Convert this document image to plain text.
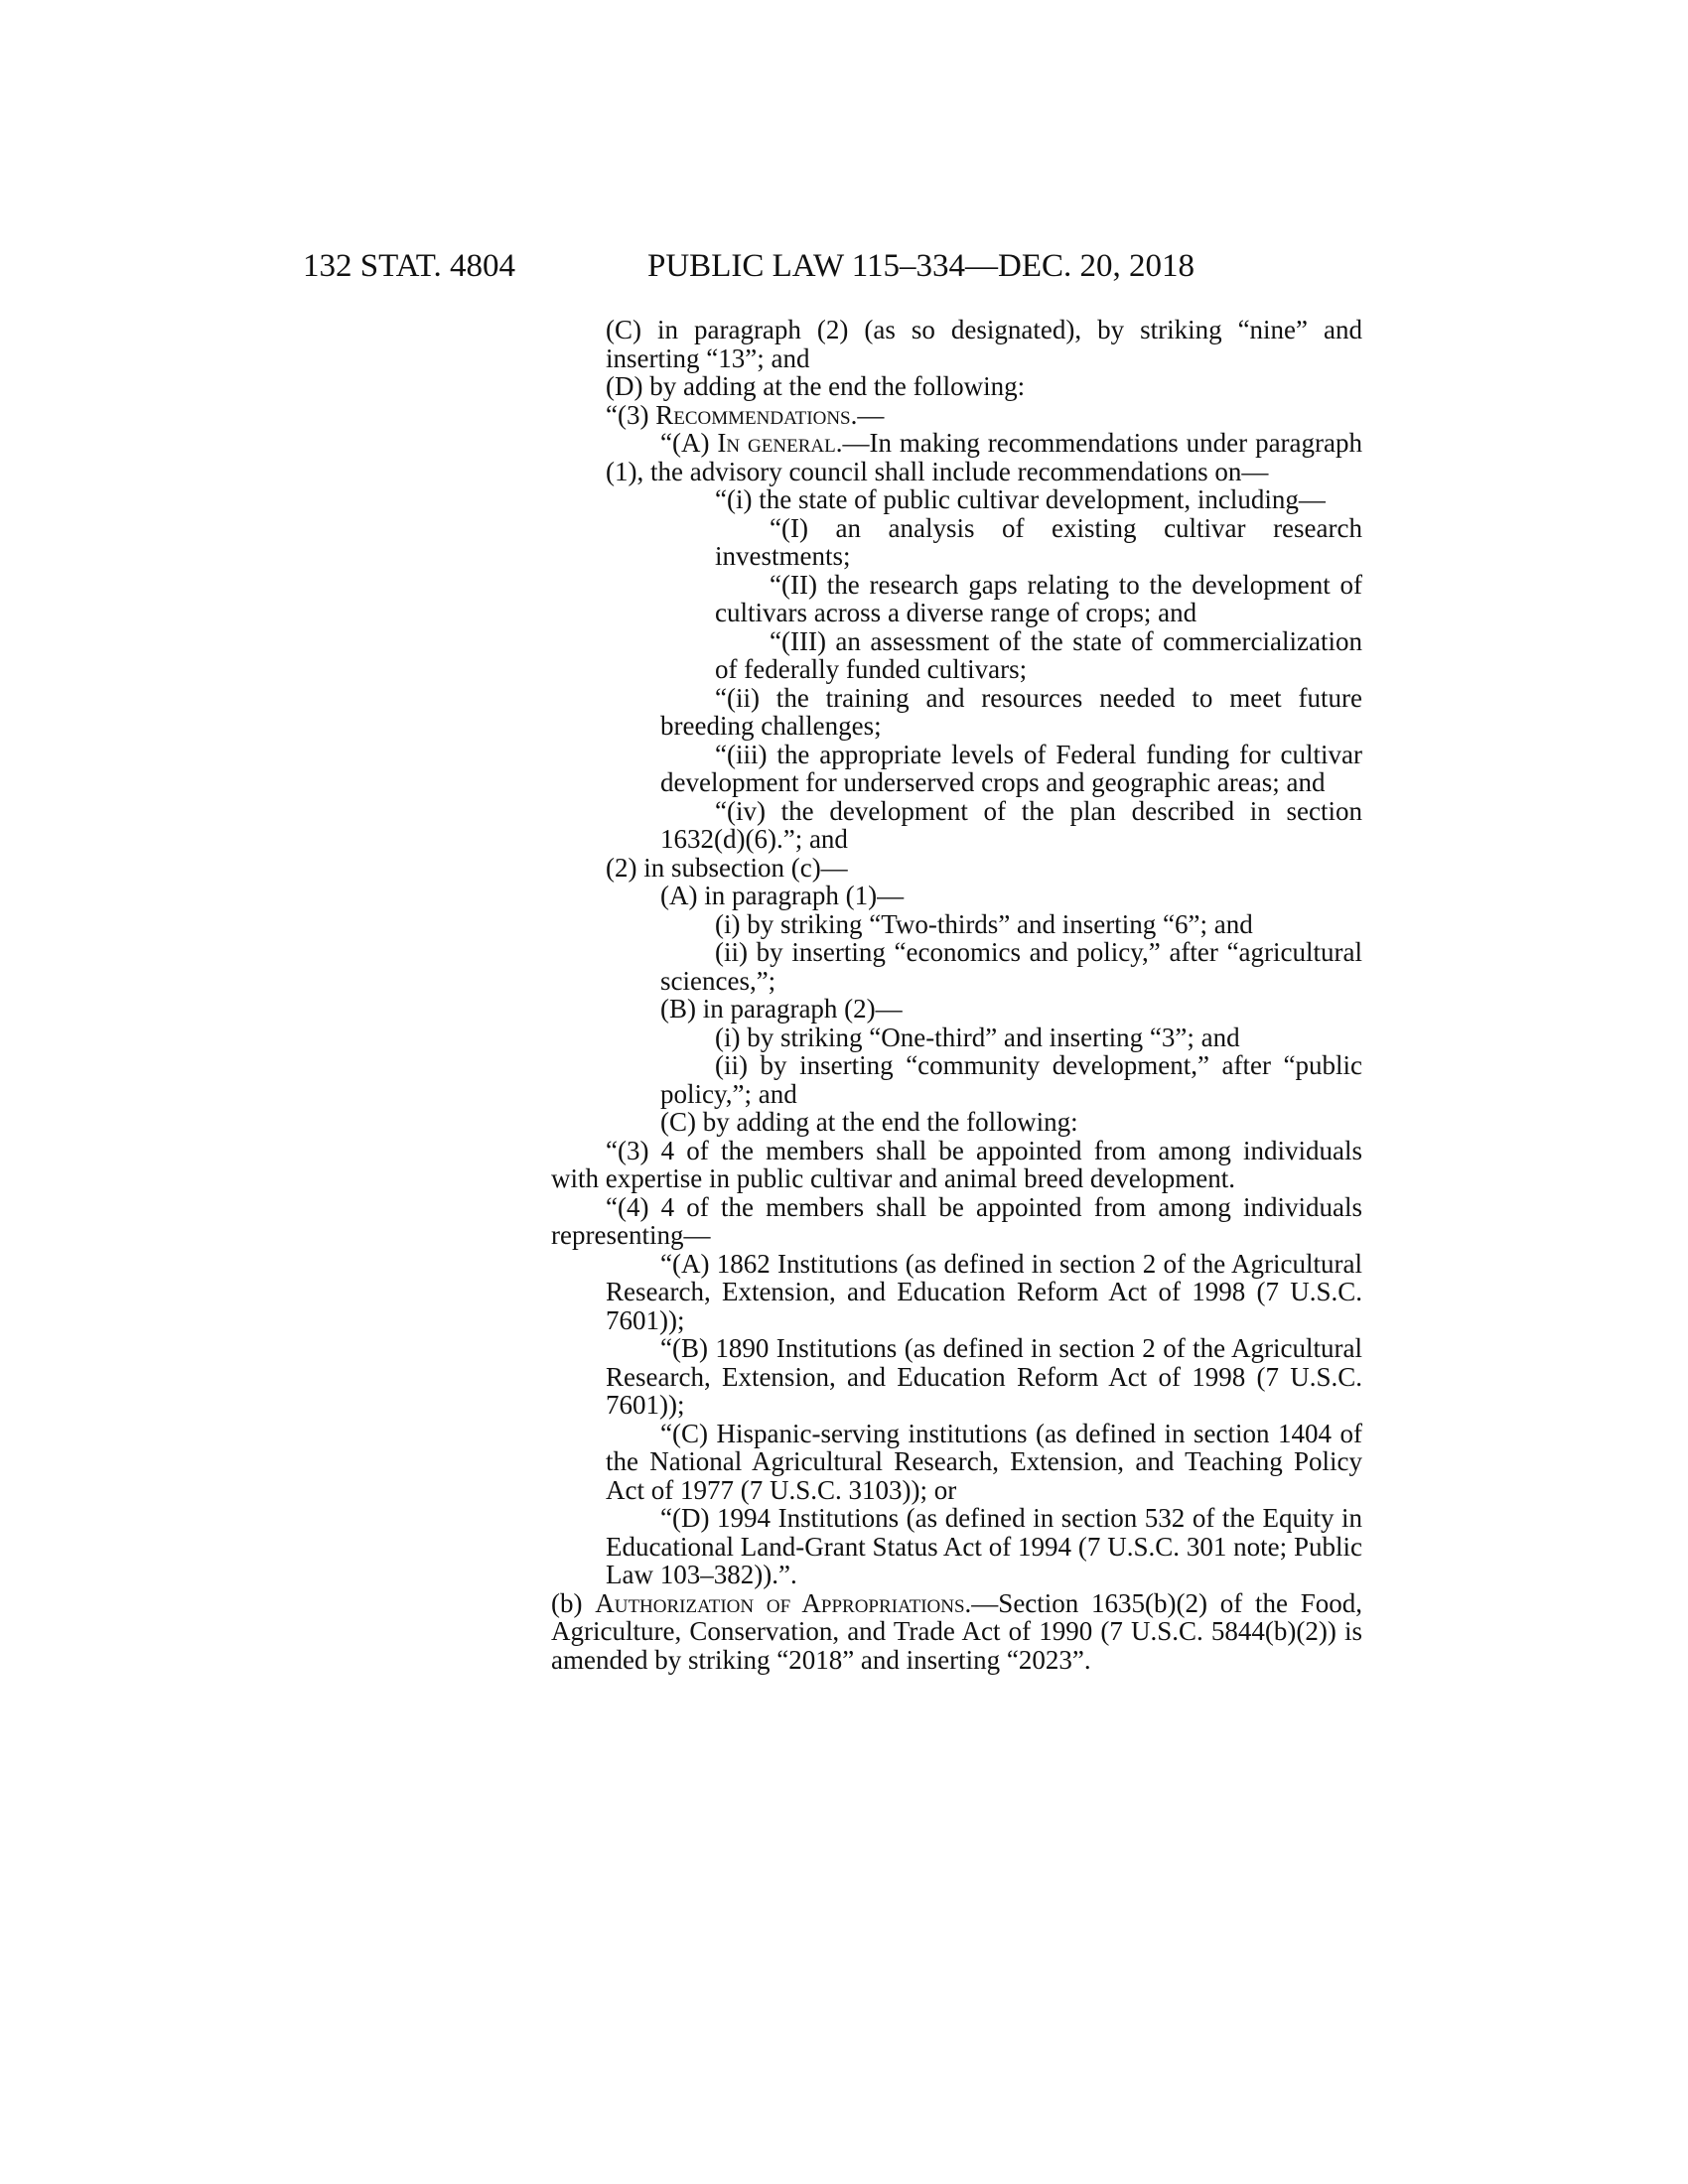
132 STAT. 4804	PUBLIC LAW 115–334—DEC. 20, 2018

(C) in paragraph (2) (as so designated), by striking “nine” and inserting “13”; and

(D) by adding at the end the following:

“(3) Recommendations.—

“(A) In general.—In making recommendations under paragraph (1), the advisory council shall include recommendations on—

“(i) the state of public cultivar development, including—

“(I) an analysis of existing cultivar research investments;

“(II) the research gaps relating to the development of cultivars across a diverse range of crops; and

“(III) an assessment of the state of commercialization of federally funded cultivars;

“(ii) the training and resources needed to meet future breeding challenges;

“(iii) the appropriate levels of Federal funding for cultivar development for underserved crops and geographic areas; and

“(iv) the development of the plan described in section 1632(d)(6).”; and

(2) in subsection (c)—

(A) in paragraph (1)—

(i) by striking “Two-thirds” and inserting “6”; and

(ii) by inserting “economics and policy,” after “agricultural sciences,”;

(B) in paragraph (2)—

(i) by striking “One-third” and inserting “3”; and

(ii) by inserting “community development,” after “public policy,”; and

(C) by adding at the end the following:

“(3) 4 of the members shall be appointed from among individuals with expertise in public cultivar and animal breed development.

“(4) 4 of the members shall be appointed from among individuals representing—

“(A) 1862 Institutions (as defined in section 2 of the Agricultural Research, Extension, and Education Reform Act of 1998 (7 U.S.C. 7601));

“(B) 1890 Institutions (as defined in section 2 of the Agricultural Research, Extension, and Education Reform Act of 1998 (7 U.S.C. 7601));

“(C) Hispanic-serving institutions (as defined in section 1404 of the National Agricultural Research, Extension, and Teaching Policy Act of 1977 (7 U.S.C. 3103)); or

“(D) 1994 Institutions (as defined in section 532 of the Equity in Educational Land-Grant Status Act of 1994 (7 U.S.C. 301 note; Public Law 103–382)).”.

(b) Authorization of Appropriations.—Section 1635(b)(2) of the Food, Agriculture, Conservation, and Trade Act of 1990 (7 U.S.C. 5844(b)(2)) is amended by striking “2018” and inserting “2023”.
